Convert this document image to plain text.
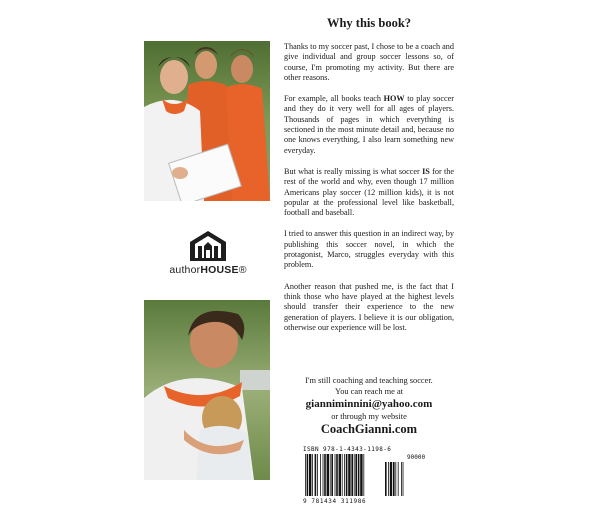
authorHOUSE®
Why this book?

Thanks to my soccer past, I chose to be a coach and give individual and group soccer lessons so, of course, I'm promoting my activity. But there are other reasons.

For example, all books teach HOW to play soccer and they do it very well for all ages of players. Thousands of pages in which everything is sectioned in the most minute detail and, because no one knows everything, I also learn something new everyday.

But what is really missing is what soccer IS for the rest of the world and why, even though 17 million Americans play soccer (12 million kids), it is not popular at the professional level like basketball, football and baseball.

I tried to answer this question in an indirect way, by publishing this soccer novel, in which the protagonist, Marco, struggles everyday with this problem.

Another reason that pushed me, is the fact that I think those who have played at the highest levels should transfer their experience to the new generation of players. I believe it is our obligation, otherwise our experience will be lost.

I'm still coaching and teaching soccer.
You can reach me at
gianniminnini@yahoo.com
or through my website
CoachGianni.com
ISBN 978-1-4343-1198-6
90000
9 781434 311986
